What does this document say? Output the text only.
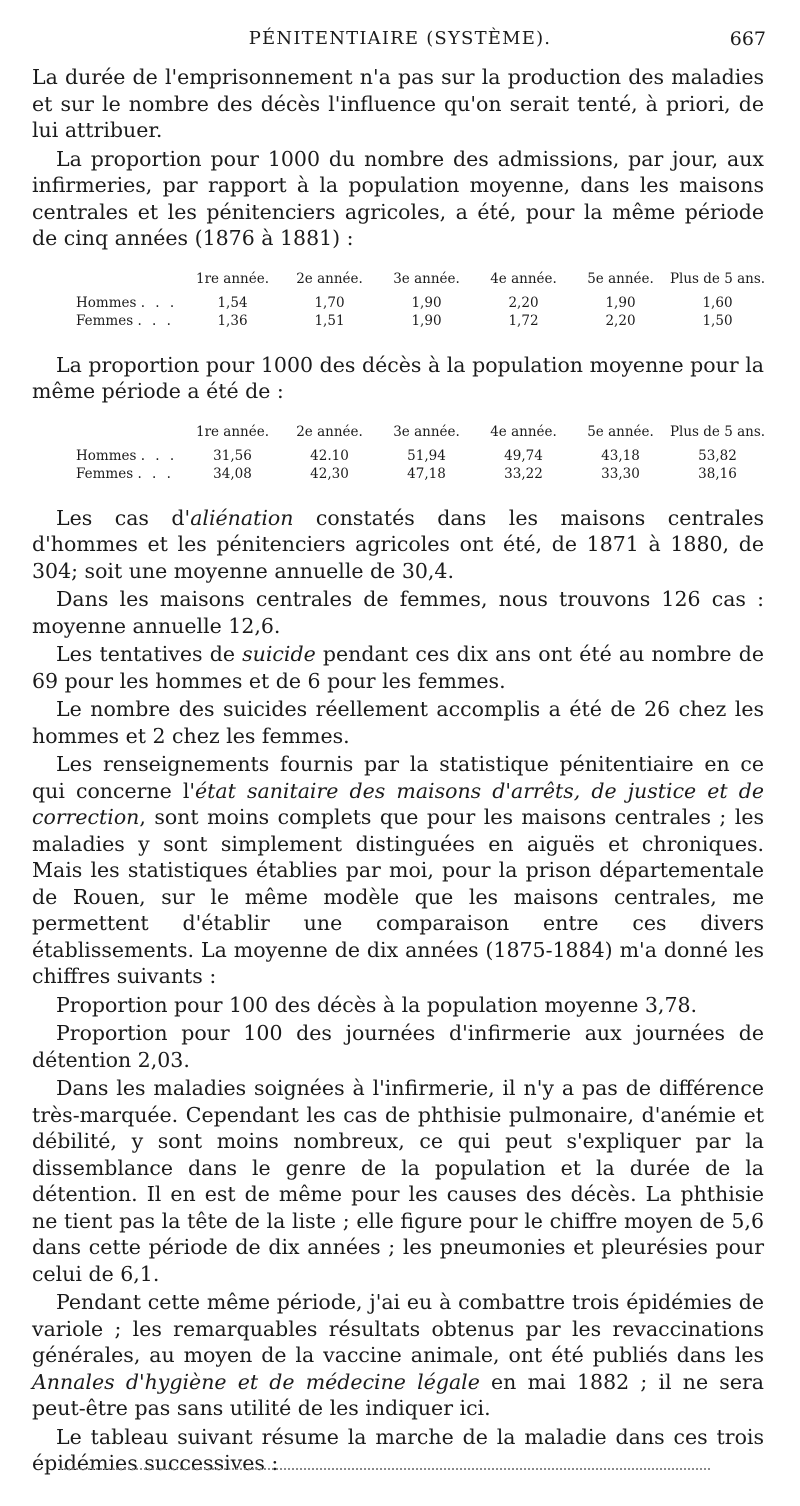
PÉNITENTIAIRE (SYSTÈME).	667

La durée de l'emprisonnement n'a pas sur la production des maladies et sur le nombre des décès l'influence qu'on serait tenté, à priori, de lui attribuer.

La proportion pour 1000 du nombre des admissions, par jour, aux infirmeries, par rapport à la population moyenne, dans les maisons centrales et les pénitenciers agricoles, a été, pour la même période de cinq années (1876 à 1881) :

1re année.	2e année.	3e année.	4e année.	5e année.	Plus de 5 ans.
Hommes . . .	1,54	1,70	1,90	2,20	1,90	1,60
Femmes . . .	1,36	1,51	1,90	1,72	2,20	1,50

La proportion pour 1000 des décès à la population moyenne pour la même période a été de :

1re année.	2e année.	3e année.	4e année.	5e année.	Plus de 5 ans.
Hommes . . .	31,56	42.10	51,94	49,74	43,18	53,82
Femmes . . .	34,08	42,30	47,18	33,22	33,30	38,16

Les cas d'aliénation constatés dans les maisons centrales d'hommes et les pénitenciers agricoles ont été, de 1871 à 1880, de 304; soit une moyenne annuelle de 30,4.

Dans les maisons centrales de femmes, nous trouvons 126 cas : moyenne annuelle 12,6.

Les tentatives de suicide pendant ces dix ans ont été au nombre de 69 pour les hommes et de 6 pour les femmes.

Le nombre des suicides réellement accomplis a été de 26 chez les hommes et 2 chez les femmes.

Les renseignements fournis par la statistique pénitentiaire en ce qui concerne l'état sanitaire des maisons d'arrêts, de justice et de correction, sont moins complets que pour les maisons centrales ; les maladies y sont simplement distinguées en aiguës et chroniques. Mais les statistiques établies par moi, pour la prison départementale de Rouen, sur le même modèle que les maisons centrales, me permettent d'établir une comparaison entre ces divers établissements. La moyenne de dix années (1875-1884) m'a donné les chiffres suivants :

Proportion pour 100 des décès à la population moyenne 3,78.

Proportion pour 100 des journées d'infirmerie aux journées de détention 2,03.

Dans les maladies soignées à l'infirmerie, il n'y a pas de différence très-marquée. Cependant les cas de phthisie pulmonaire, d'anémie et débilité, y sont moins nombreux, ce qui peut s'expliquer par la dissemblance dans le genre de la population et la durée de la détention. Il en est de même pour les causes des décès. La phthisie ne tient pas la tête de la liste ; elle figure pour le chiffre moyen de 5,6 dans cette période de dix années ; les pneumonies et pleurésies pour celui de 6,1.

Pendant cette même période, j'ai eu à combattre trois épidémies de variole ; les remarquables résultats obtenus par les revaccinations générales, au moyen de la vaccine animale, ont été publiés dans les Annales d'hygiène et de médecine légale en mai 1882 ; il ne sera peut-être pas sans utilité de les indiquer ici.

Le tableau suivant résume la marche de la maladie dans ces trois épidémies successives :
